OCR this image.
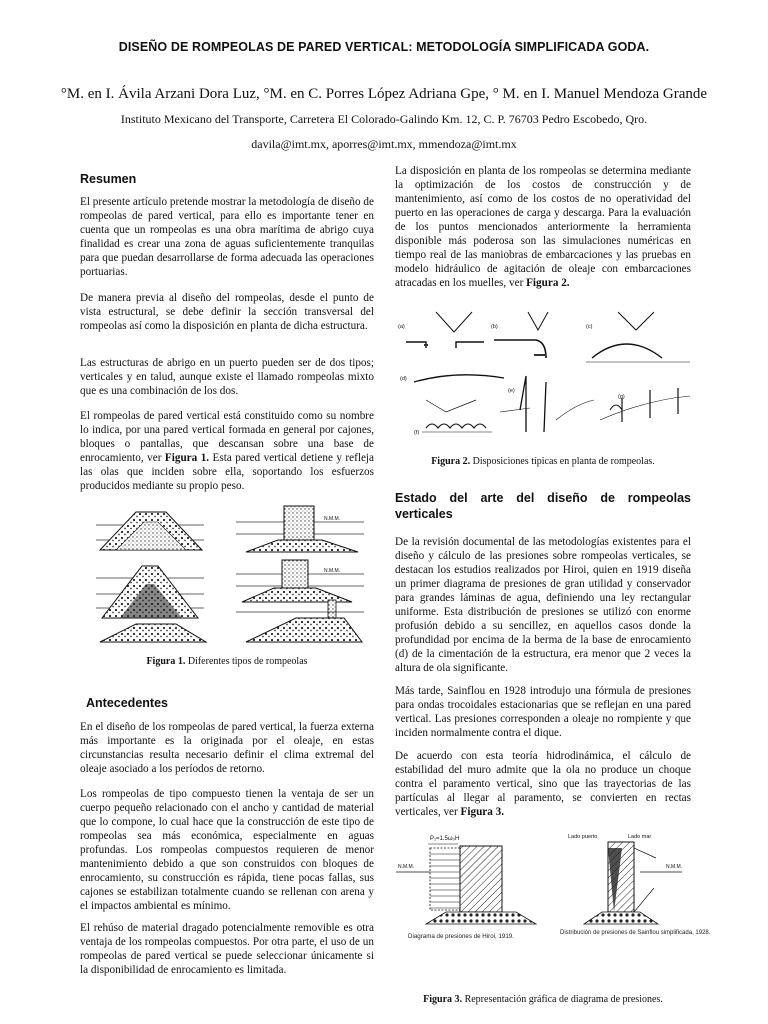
DISEÑO DE ROMPEOLAS DE PARED VERTICAL: METODOLOGÍA SIMPLIFICADA GODA.
°M. en I. Ávila Arzani Dora Luz, °M. en C. Porres López Adriana Gpe, ° M. en I. Manuel Mendoza Grande
Instituto Mexicano del Transporte, Carretera El Colorado-Galindo Km. 12, C. P. 76703 Pedro Escobedo, Qro.
davila@imt.mx, aporres@imt.mx, mmendoza@imt.mx
Resumen
El presente artículo pretende mostrar la metodología de diseño de rompeolas de pared vertical, para ello es importante tener en cuenta que un rompeolas es una obra marítima de abrigo cuya finalidad es crear una zona de aguas suficientemente tranquilas para que puedan desarrollarse de forma adecuada las operaciones portuarias.
De manera previa al diseño del rompeolas, desde el punto de vista estructural, se debe definir la sección transversal del rompeolas así como la disposición en planta de dicha estructura.
Las estructuras de abrigo en un puerto pueden ser de dos tipos; verticales y en talud, aunque existe el llamado rompeolas mixto que es una combinación de los dos.
El rompeolas de pared vertical está constituido como su nombre lo indica, por una pared vertical formada en general por cajones, bloques o pantallas, que descansan sobre una base de enrocamiento, ver Figura 1. Esta pared vertical detiene y refleja las olas que inciden sobre ella, soportando los esfuerzos producidos mediante su propio peso.
N.M.M.
N.M.M.
Figura 1. Diferentes tipos de rompeolas
Antecedentes
En el diseño de los rompeolas de pared vertical, la fuerza externa más importante es la originada por el oleaje, en estas circunstancias resulta necesario definir el clima extremal del oleaje asociado a los períodos de retorno.
Los rompeolas de tipo compuesto tienen la ventaja de ser un cuerpo pequeño relacionado con el ancho y cantidad de material que lo compone, lo cual hace que la construcción de este tipo de rompeolas sea más económica, especialmente en aguas profundas. Los rompeolas compuestos requieren de menor mantenimiento debido a que son construidos con bloques de enrocamiento, su construcción es rápida, tiene pocas fallas, sus cajones se estabilizan totalmente cuando se rellenan con arena y el impactos ambiental es mínimo.
El rehúso de material dragado potencialmente removible es otra ventaja de los rompeolas compuestos. Por otra parte, el uso de un rompeolas de pared vertical se puede seleccionar únicamente si la disponibilidad de enrocamiento es limitada.
La disposición en planta de los rompeolas se determina mediante la optimización de los costos de construcción y de mantenimiento, así como de los costos de no operatividad del puerto en las operaciones de carga y descarga. Para la evaluación de los puntos mencionados anteriormente la herramienta disponible más poderosa son las simulaciones numéricas en tiempo real de las maniobras de embarcaciones y las pruebas en modelo hidráulico de agitación de oleaje con embarcaciones atracadas en los muelles, ver Figura 2.
(a)	(b)	(c)
(d)
(e)
(f)
(g)
Figura 2. Disposiciones típicas en planta de rompeolas.
Estado del arte del diseño de rompeolas verticales
De la revisión documental de las metodologías existentes para el diseño y cálculo de las presiones sobre rompeolas verticales, se destacan los estudios realizados por Hiroi, quien en 1919 diseña un primer diagrama de presiones de gran utilidad y conservador para grandes láminas de agua, definiendo una ley rectangular uniforme. Esta distribución de presiones se utilizó con enorme profusión debido a su sencillez, en aquellos casos donde la profundidad por encima de la berma de la base de enrocamiento (d) de la cimentación de la estructura, era menor que 2 veces la altura de ola significante.
Más tarde, Sainflou en 1928 introdujo una fórmula de presiones para ondas trocoidales estacionarias que se reflejan en una pared vertical. Las presiones corresponden a oleaje no rompiente y que inciden normalmente contra el dique.
De acuerdo con esta teoría hidrodinámica, el cálculo de estabilidad del muro admite que la ola no produce un choque contra el paramento vertical, sino que las trayectorias de las partículas al llegar al paramento, se convierten en rectas verticales, ver Figura 3.
P₁=1.5ω₀H
N.M.M.
Diagrama de presiones de Hiroi, 1919.
Lado puerto	Lado mar
N.M.M.
Distribución de presiones de Sainflou simplificada, 1928.
Figura 3. Representación gráfica de diagrama de presiones.
